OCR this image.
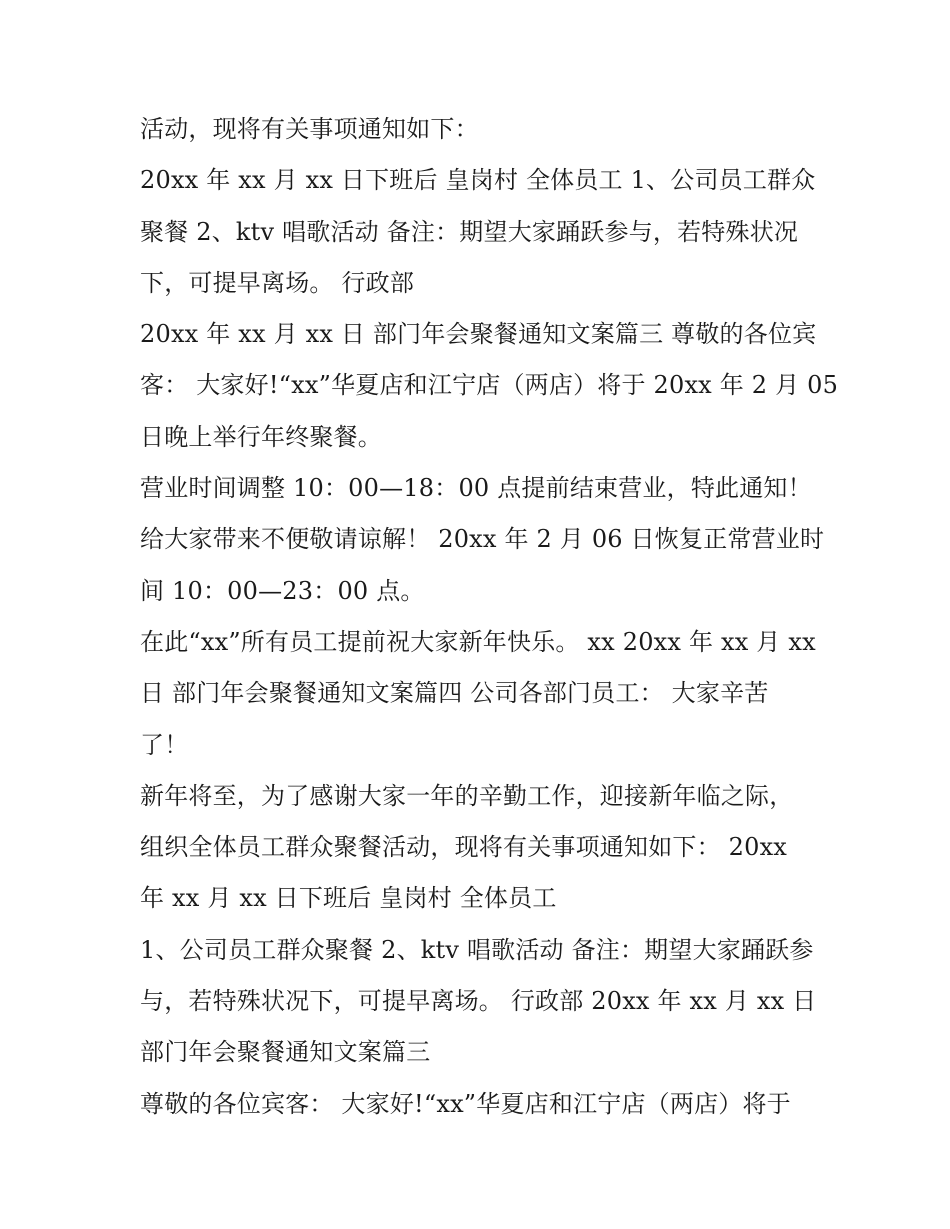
活动，现将有关事项通知如下：
20xx 年 xx 月 xx 日下班后 皇岗村 全体员工 1、公司员工群众
聚餐 2、ktv 唱歌活动 备注：期望大家踊跃参与，若特殊状况
下，可提早离场。 行政部
20xx 年 xx 月 xx 日 部门年会聚餐通知文案篇三 尊敬的各位宾
客： 大家好!“xx”华夏店和江宁店（两店）将于 20xx 年 2 月 05
日晚上举行年终聚餐。
营业时间调整 10：00—18：00 点提前结束营业，特此通知！
给大家带来不便敬请谅解！ 20xx 年 2 月 06 日恢复正常营业时
间 10：00—23：00 点。
在此“xx”所有员工提前祝大家新年快乐。 xx 20xx 年 xx 月 xx
日 部门年会聚餐通知文案篇四 公司各部门员工： 大家辛苦
了！
新年将至，为了感谢大家一年的辛勤工作，迎接新年临之际，
组织全体员工群众聚餐活动，现将有关事项通知如下： 20xx
年 xx 月 xx 日下班后 皇岗村 全体员工
1、公司员工群众聚餐 2、ktv 唱歌活动 备注：期望大家踊跃参
与，若特殊状况下，可提早离场。 行政部 20xx 年 xx 月 xx 日
部门年会聚餐通知文案篇三
尊敬的各位宾客： 大家好!“xx”华夏店和江宁店（两店）将于
